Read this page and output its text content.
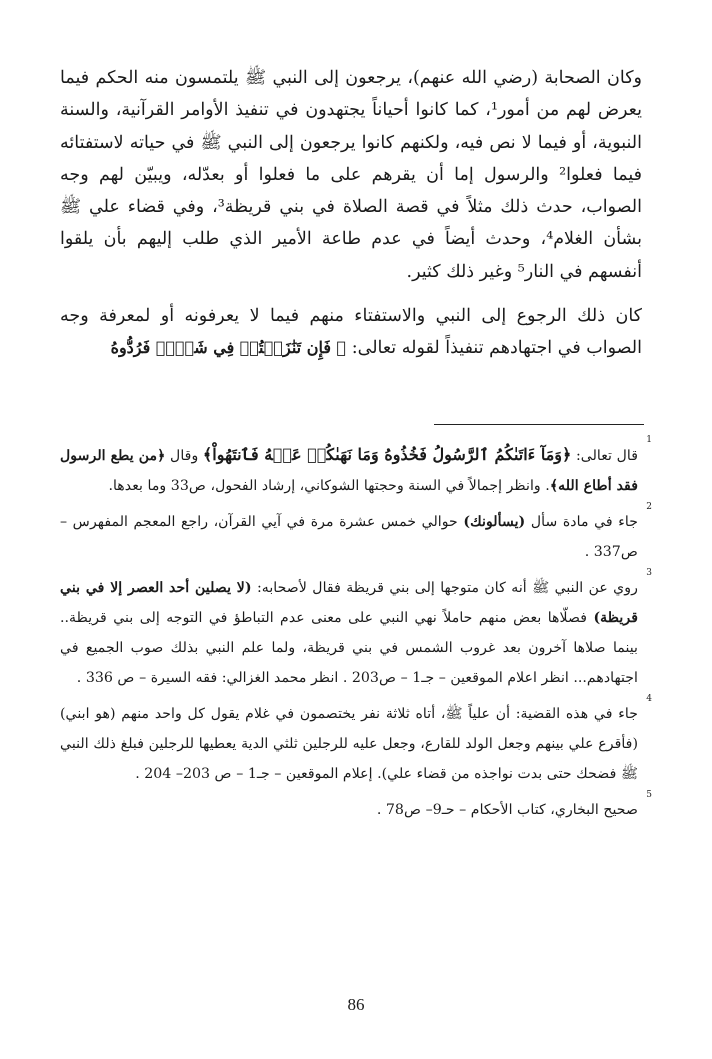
وكان الصحابة (رضي الله عنهم)، يرجعون إلى النبي ﷺ يلتمسون منه الحكم فيما يعرض لهم من أمور¹، كما كانوا أحياناً يجتهدون في تنفيذ الأوامر القرآنية، والسنة النبوية، أو فيما لا نص فيه، ولكنهم كانوا يرجعون إلى النبي ﷺ في حياته لاستفتائه فيما فعلوا² والرسول إما أن يقرهم على ما فعلوا أو بعدّله، ويبيّن لهم وجه الصواب، حدث ذلك مثلاً في قصة الصلاة في بني قريظة³، وفي قضاء علي ﷺ بشأن الغلام⁴، وحدث أيضاً في عدم طاعة الأمير الذي طلب إليهم بأن يلقوا أنفسهم في النار⁵ وغير ذلك كثير.

كان ذلك الرجوع إلى النبي والاستفتاء منهم فيما لا يعرفونه أو لمعرفة وجه الصواب في اجتهادهم تنفيذاً لقوله تعالى: ﴿ فَإِن تَنَٰزَعۡتُمۡ فِي شَيۡءٖ فَرُدُّوهُ

1
قال تعالى: ﴿وَمَآ ءَاتَىٰكُمُ ٱلرَّسُولُ فَخُذُوهُ وَمَا نَهَىٰكُمۡ عَنۡهُ فَٱنتَهُواْ﴾ وقال ﴿من يطع الرسول فقد أطاع الله﴾. وانظر إجمالاً في السنة وحجتها الشوكاني، إرشاد الفحول، ص33 وما بعدها.
2
جاء في مادة سأل (يسألونك) حوالي خمس عشرة مرة في آيي القرآن، راجع المعجم المفهرس – ص337 .
3
روي عن النبي ﷺ أنه كان متوجها إلى بني قريظة فقال لأصحابه: (لا يصلين أحد العصر إلا في بني قريظة) فصلّاها بعض منهم حاملاً نهي النبي على معنى عدم التباطؤ في التوجه إلى بني قريظة.. بينما صلاها آخرون بعد غروب الشمس في بني قريظة، ولما علم النبي بذلك صوب الجميع في اجتهادهم... انظر اعلام الموقعين – جـ1 – ص203 . انظر محمد الغزالي: فقه السيرة – ص 336 .
4
جاء في هذه القضية: أن علياً ﷺ، أتاه ثلاثة نفر يختصمون في غلام يقول كل واحد منهم (هو ابني) (فأقرع علي بينهم وجعل الولد للقارع، وجعل عليه للرجلين ثلثي الدية يعطيها للرجلين فبلغ ذلك النبي ﷺ فضحك حتى بدت نواجذه من قضاء علي). إعلام الموقعين – جـ1 – ص 203– 204 .
5
صحيح البخاري، كتاب الأحكام – حـ9– ص78 .
86
